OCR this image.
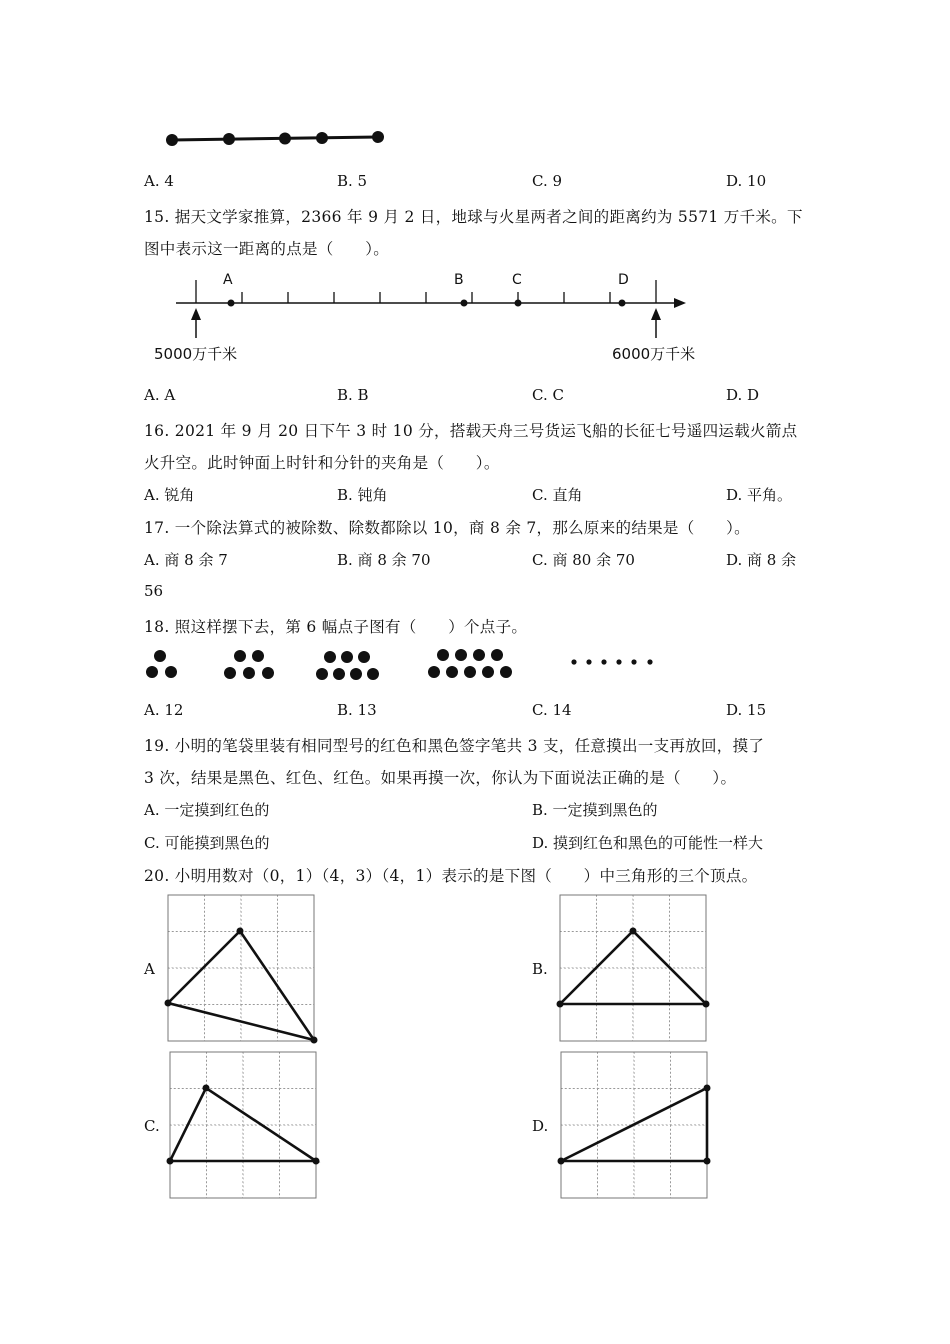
A. 4	B. 5	C. 9	D. 10
15. 据天文学家推算，2366 年 9 月 2 日，地球与火星两者之间的距离约为 5571 万千米。下
图中表示这一距离的点是（　　）。
A	B	C	D
5000万千米	6000万千米
A. A	B. B	C. C	D. D
16. 2021 年 9 月 20 日下午 3 时 10 分，搭载天舟三号货运飞船的长征七号遥四运载火箭点
火升空。此时钟面上时针和分针的夹角是（　　）。
A. 锐角	B. 钝角	C. 直角	D. 平角。
17. 一个除法算式的被除数、除数都除以 10，商 8 余 7，那么原来的结果是（　　）。
A. 商 8 余 7	B. 商 8 余 70	C. 商 80 余 70	D. 商 8 余
56
18. 照这样摆下去，第 6 幅点子图有（　　）个点子。
A. 12	B. 13	C. 14	D. 15
19. 小明的笔袋里装有相同型号的红色和黑色签字笔共 3 支，任意摸出一支再放回，摸了
3 次，结果是黑色、红色、红色。如果再摸一次，你认为下面说法正确的是（　　）。
A. 一定摸到红色的	B. 一定摸到黑色的
C. 可能摸到黑色的	D. 摸到红色和黑色的可能性一样大
20. 小明用数对（0，1）（4，3）（4，1）表示的是下图（　　）中三角形的三个顶点。
A	B.
C.	D.
